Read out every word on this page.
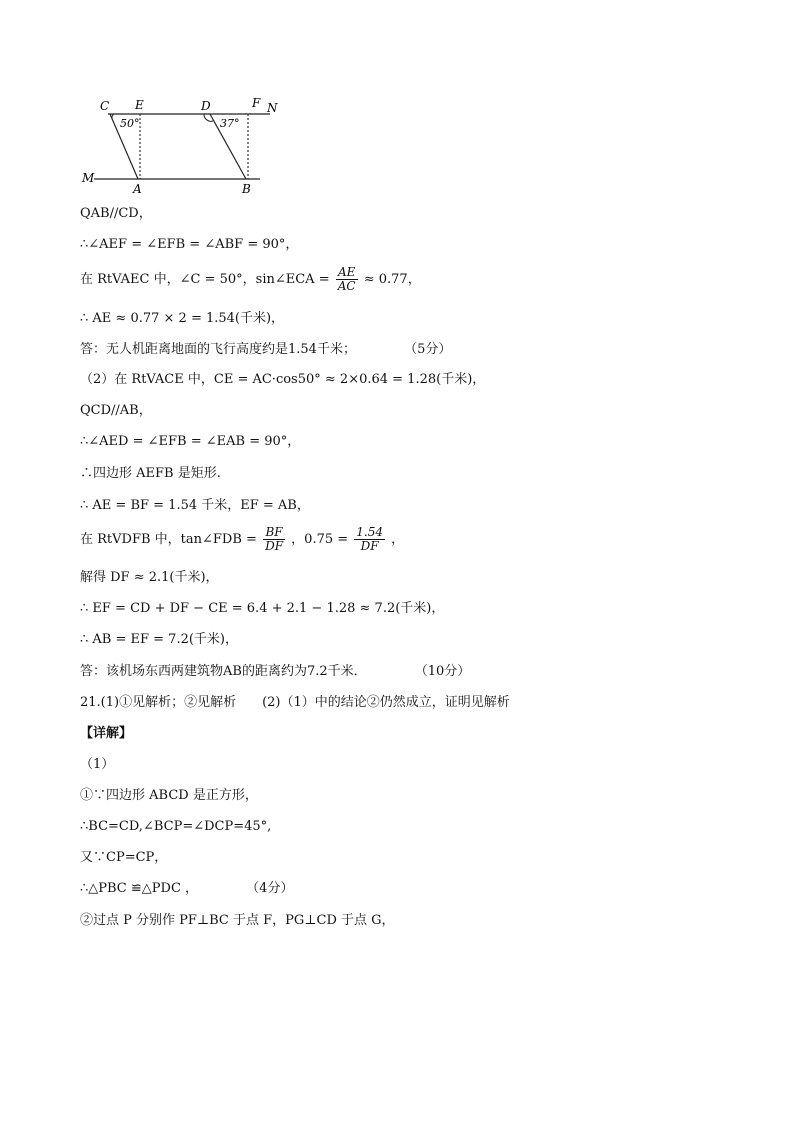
C E	D	F N
M
A	B
50°	37°
QAB//CD，
∴∠AEF = ∠EFB = ∠ABF = 90°，
在 RtVAEC 中，∠C = 50°，sin∠ECA = $\frac{AE}{AC} \approx 0.77$，
∴ AE ≈ 0.77 × 2 = 1.54(千米)，
答：无人机距离地面的飞行高度约是1.54千米；	（5分）
（2）在 RtVACE 中，CE = AC·cos50° ≈ 2×0.64 = 1.28(千米)，
QCD//AB，
∴∠AED = ∠EFB = ∠EAB = 90°，
∴四边形 AEFB 是矩形.
∴ AE = BF = 1.54 千米，EF = AB，
在 RtVDFB 中，tan∠FDB = $\frac{BF}{DF}$ ，$0.75 = \frac{1.54}{DF}$ ，
解得 DF ≈ 2.1(千米)，
∴ EF = CD + DF − CE = 6.4 + 2.1 − 1.28 ≈ 7.2(千米)，
∴ AB = EF = 7.2(千米)，
答：该机场东西两建筑物AB的距离约为7.2千米．	（10分）
21.(1)①见解析；②见解析　　(2)（1）中的结论②仍然成立，证明见解析
【详解】
（1）
①∵四边形 ABCD 是正方形，
∴BC=CD,∠BCP=∠DCP=45°,
又∵CP=CP，
∴△PBC ≌△PDC ，	（4分）
②过点 P 分别作 PF⊥BC 于点 F，PG⊥CD 于点 G，
